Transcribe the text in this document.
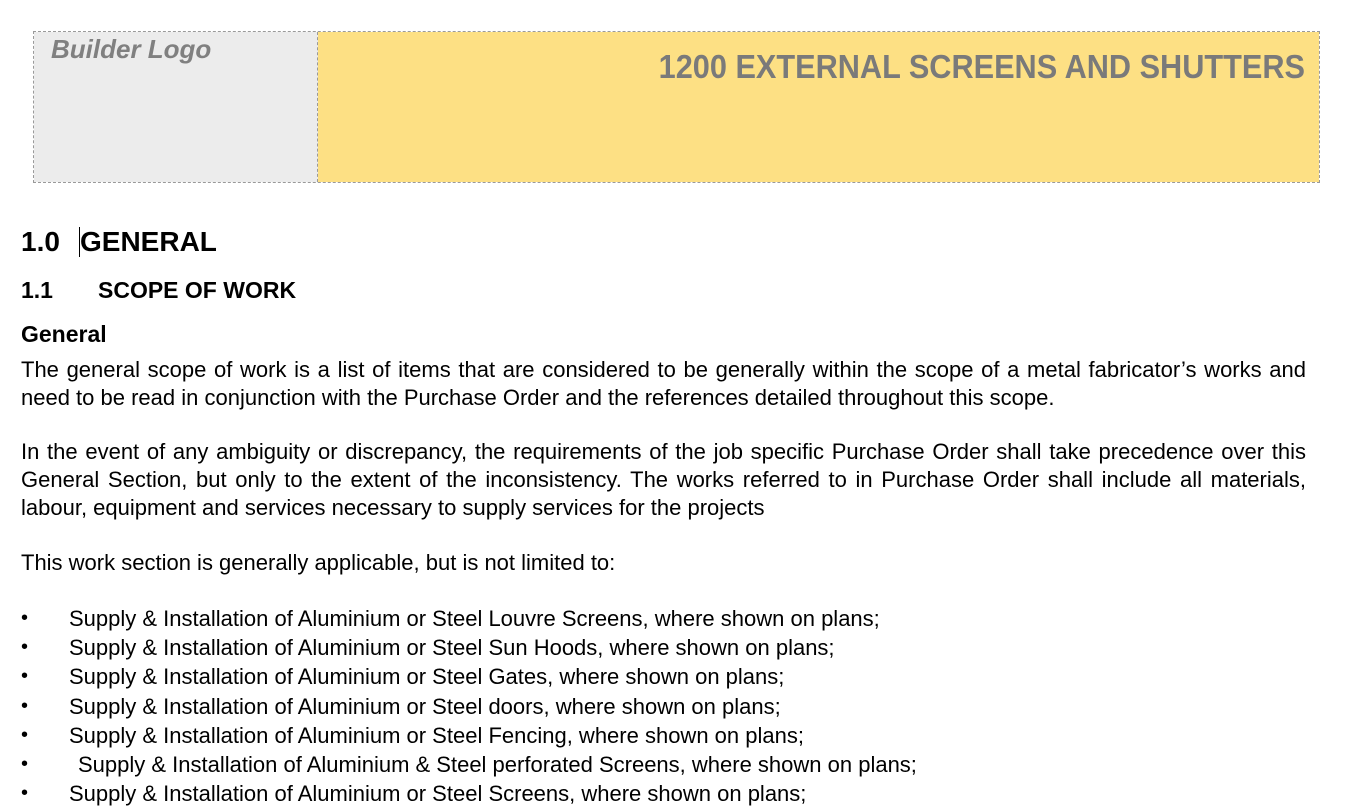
Builder Logo	1200 EXTERNAL SCREENS AND SHUTTERS
1.0 GENERAL
1.1 SCOPE OF WORK
General
The general scope of work is a list of items that are considered to be generally within the scope of a metal fabricator’s works and need to be read in conjunction with the Purchase Order and the references detailed throughout this scope.
In the event of any ambiguity or discrepancy, the requirements of the job specific Purchase Order shall take precedence over this General Section, but only to the extent of the inconsistency. The works referred to in Purchase Order shall include all materials, labour, equipment and services necessary to supply services for the projects
This work section is generally applicable, but is not limited to:
• Supply & Installation of Aluminium or Steel Louvre Screens, where shown on plans;
• Supply & Installation of Aluminium or Steel Sun Hoods, where shown on plans;
• Supply & Installation of Aluminium or Steel Gates, where shown on plans;
• Supply & Installation of Aluminium or Steel doors, where shown on plans;
• Supply & Installation of Aluminium or Steel Fencing, where shown on plans;
• Supply & Installation of Aluminium & Steel perforated Screens, where shown on plans;
• Supply & Installation of Aluminium or Steel Screens, where shown on plans;
